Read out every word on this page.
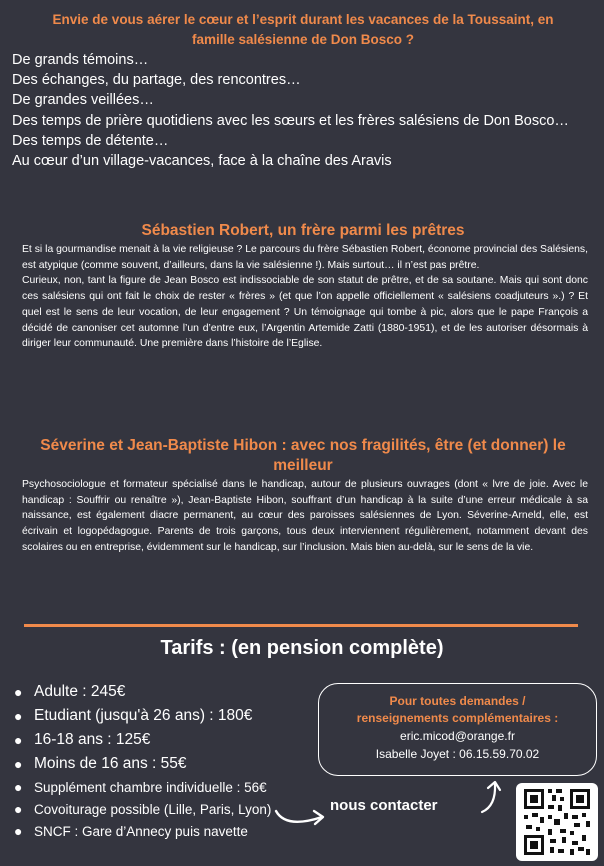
Envie de vous aérer le cœur et l’esprit durant les vacances de la Toussaint, en
famille salésienne de Don Bosco ?
De grands témoins…
Des échanges, du partage, des rencontres…
De grandes veillées…
Des temps de prière quotidiens avec les sœurs et les frères salésiens de Don Bosco…
Des temps de détente…
Au cœur d’un village-vacances, face à la chaîne des Aravis
Sébastien Robert, un frère parmi les prêtres

Et si la gourmandise menait à la vie religieuse ? Le parcours du frère Sébastien Robert, économe provincial des Salésiens, est atypique (comme souvent, d’ailleurs, dans la vie salésienne !). Mais surtout… il n’est pas prêtre.

Curieux, non, tant la figure de Jean Bosco est indissociable de son statut de prêtre, et de sa soutane. Mais qui sont donc ces salésiens qui ont fait le choix de rester « frères » (et que l’on appelle officiellement « salésiens coadjuteurs ».) ? Et quel est le sens de leur vocation, de leur engagement ? Un témoignage qui tombe à pic, alors que le pape François a décidé de canoniser cet automne l’un d’entre eux, l’Argentin Artemide Zatti (1880-1951), et de les autoriser désormais à diriger leur communauté. Une première dans l’histoire de l’Eglise.

Séverine et Jean-Baptiste Hibon : avec nos fragilités, être (et donner) le
meilleur

Psychosociologue et formateur spécialisé dans le handicap, autour de plusieurs ouvrages (dont « lvre de joie. Avec le handicap : Souffrir ou renaître »), Jean-Baptiste Hibon, souffrant d’un handicap à la suite d’une erreur médicale à sa naissance, est également diacre permanent, au cœur des paroisses salésiennes de Lyon. Séverine-Arneld, elle, est écrivain et logopédagogue. Parents de trois garçons, tous deux interviennent régulièrement, notamment devant des scolaires ou en entreprise, évidemment sur le handicap, sur l’inclusion. Mais bien au-delà, sur le sens de la vie.

Tarifs : (en pension complète)
● Adulte : 245€
● Etudiant (jusqu'à 26 ans) : 180€
● 16-18 ans : 125€
● Moins de 16 ans : 55€
● Supplément chambre individuelle : 56€
● Covoiturage possible (Lille, Paris, Lyon)
● SNCF : Gare d’Annecy puis navette
Pour toutes demandes /
renseignements complémentaires :
eric.micod@orange.fr
Isabelle Joyet : 06.15.59.70.02
nous contacter
